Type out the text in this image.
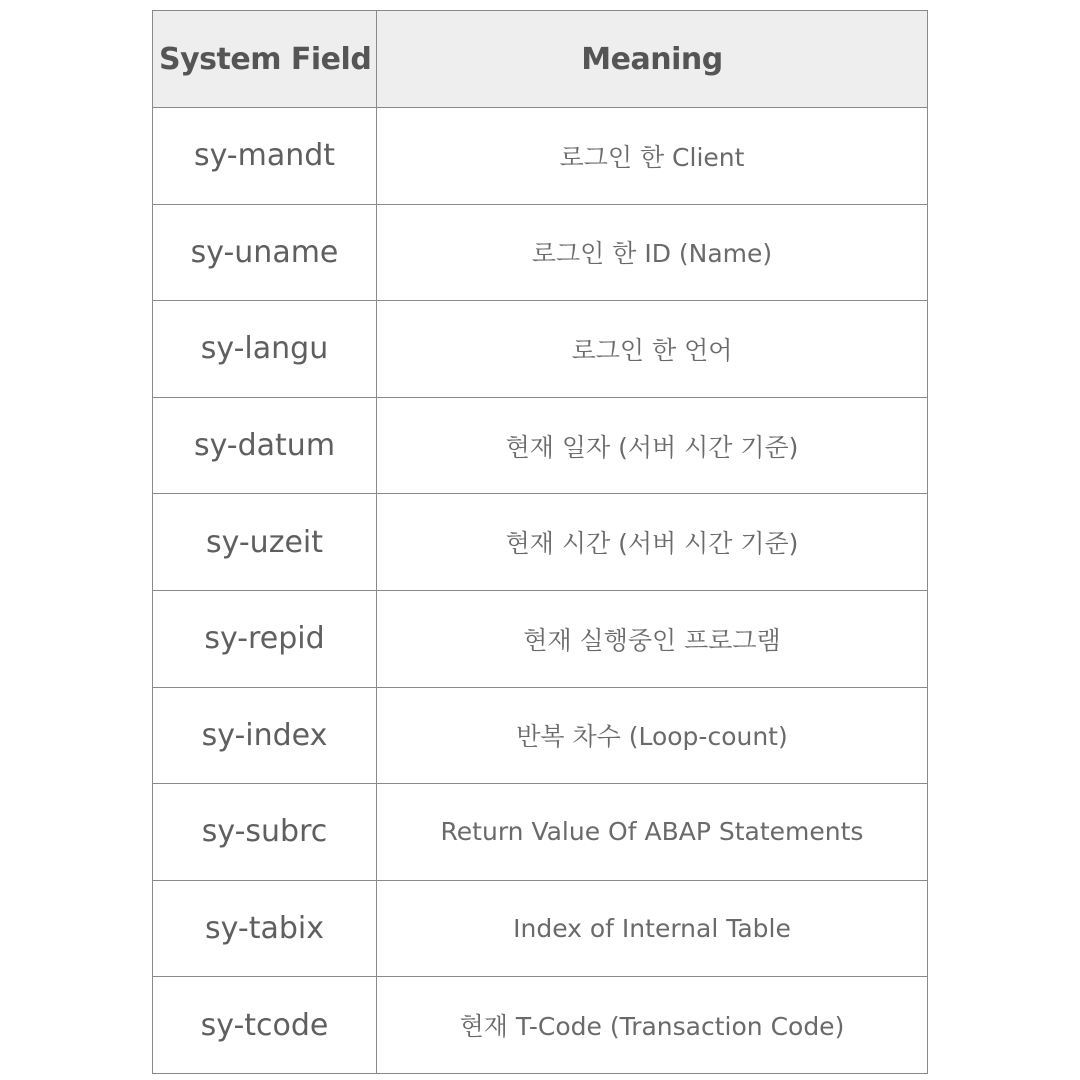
System Field	Meaning
sy-mandt	로그인 한 Client
sy-uname	로그인 한 ID (Name)
sy-langu	로그인 한 언어
sy-datum	현재 일자 (서버 시간 기준)
sy-uzeit	현재 시간 (서버 시간 기준)
sy-repid	현재 실행중인 프로그램
sy-index	반복 차수 (Loop-count)
sy-subrc	Return Value Of ABAP Statements
sy-tabix	Index of Internal Table
sy-tcode	현재 T-Code (Transaction Code)
